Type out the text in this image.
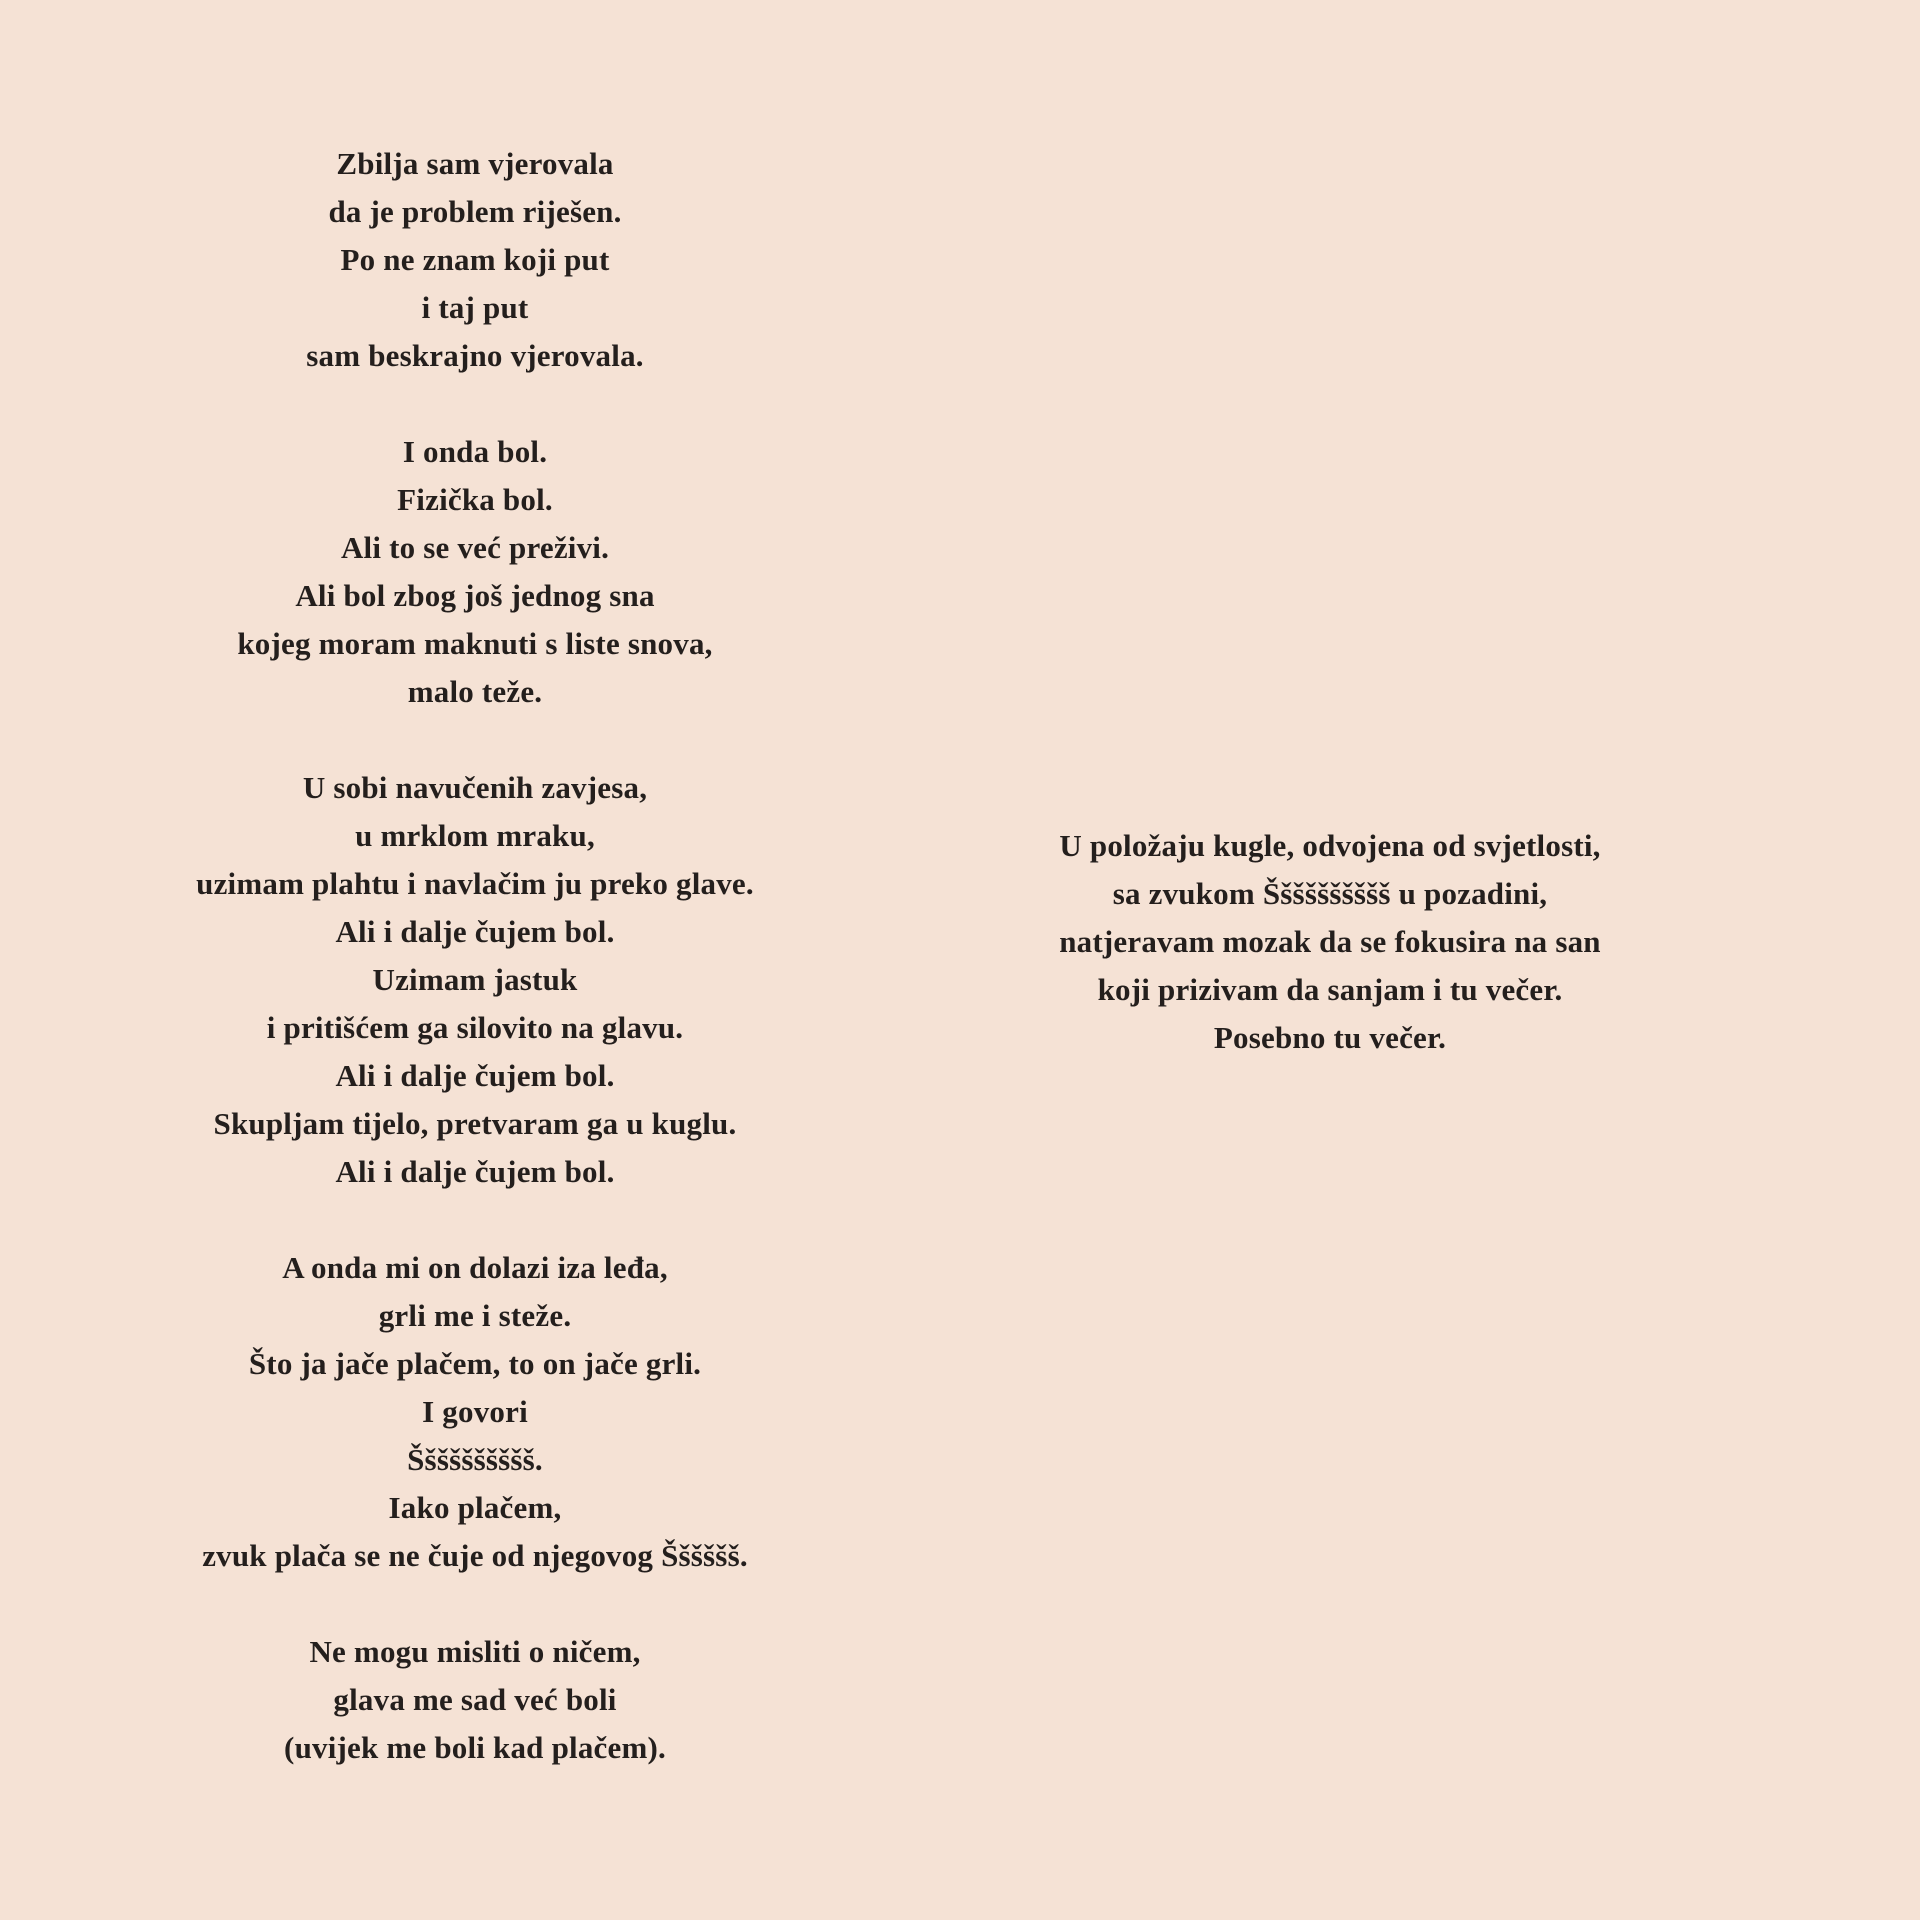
Zbilja sam vjerovala
da je problem riješen.
Po ne znam koji put
i taj put
sam beskrajno vjerovala.
I onda bol.
Fizička bol.
Ali to se već preživi.
Ali bol zbog još jednog sna
kojeg moram maknuti s liste snova,
malo teže.
U sobi navučenih zavjesa,
u mrklom mraku,
uzimam plahtu i navlačim ju preko glave.
Ali i dalje čujem bol.
Uzimam jastuk
i pritišćem ga silovito na glavu.
Ali i dalje čujem bol.
Skupljam tijelo, pretvaram ga u kuglu.
Ali i dalje čujem bol.
A onda mi on dolazi iza leđa,
grli me i steže.
Što ja jače plačem, to on jače grli.
I govori
Šššššššššš.
Iako plačem,
zvuk plača se ne čuje od njegovog Šššššš.
Ne mogu misliti o ničem,
glava me sad već boli
(uvijek me boli kad plačem).
U položaju kugle, odvojena od svjetlosti,
sa zvukom Šššššššššš u pozadini,
natjeravam mozak da se fokusira na san
koji prizivam da sanjam i tu večer.
Posebno tu večer.
